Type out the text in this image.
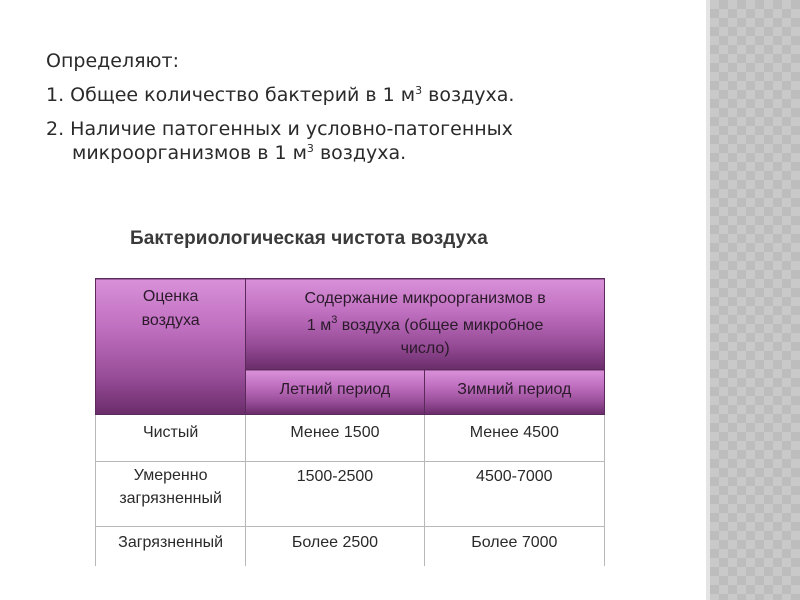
Определяют:
1. Общее количество бактерий в 1 $м^3$ воздуха.
2. Наличие патогенных и условно-патогенных
микроорганизмов в 1 $м^3$ воздуха.
Бактериологическая чистота воздуха
Оценка
воздуха	Содержание микроорганизмов в
1 $м^3$ воздуха (общее микробное
число)	

	Летний период	Зимний период
Чистый	Менее 1500	Менее 4500

Умеренно
загрязненный	1500-2500	4500-7000
Загрязненный	Более 2500	Более 7000
